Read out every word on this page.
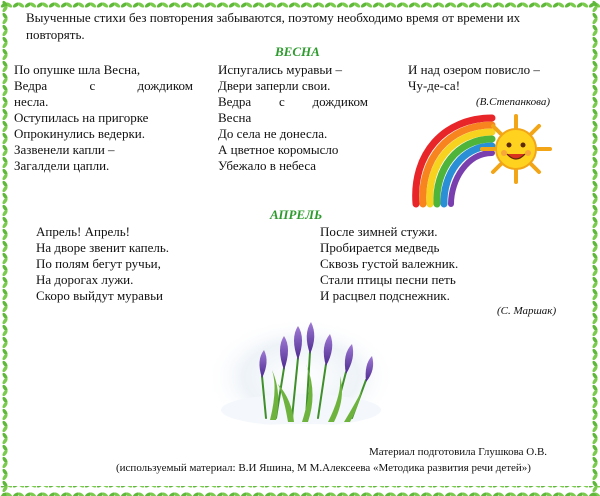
Выученные стихи без повторения забываются, поэтому необходимо время от времени их
повторять.
ВЕСНА
По опушке шла Весна,
Ведра с дождиком
несла.
Оступилась на пригорке
Опрокинулись ведерки.
Зазвенели капли –
Загалдели цапли.
Испугались муравьи –
Двери заперли свои.
Ведра с дождиком
Весна
До села не донесла.
А цветное коромысло
Убежало в небеса
И над озером повисло –
Чу-де-са!
(В.Степанкова)
АПРЕЛЬ
Апрель! Апрель!
На дворе звенит капель.
По полям бегут ручьи,
На дорогах лужи.
Скоро выйдут муравьи
После зимней стужи.
Пробирается медведь
Сквозь густой валежник.
Стали птицы песни петь
И расцвел подснежник.
(С. Маршак)
Материал подготовила Глушкова О.В.
(используемый материал: В.И Яшина, М М.Алексеева «Методика развития речи детей»)
